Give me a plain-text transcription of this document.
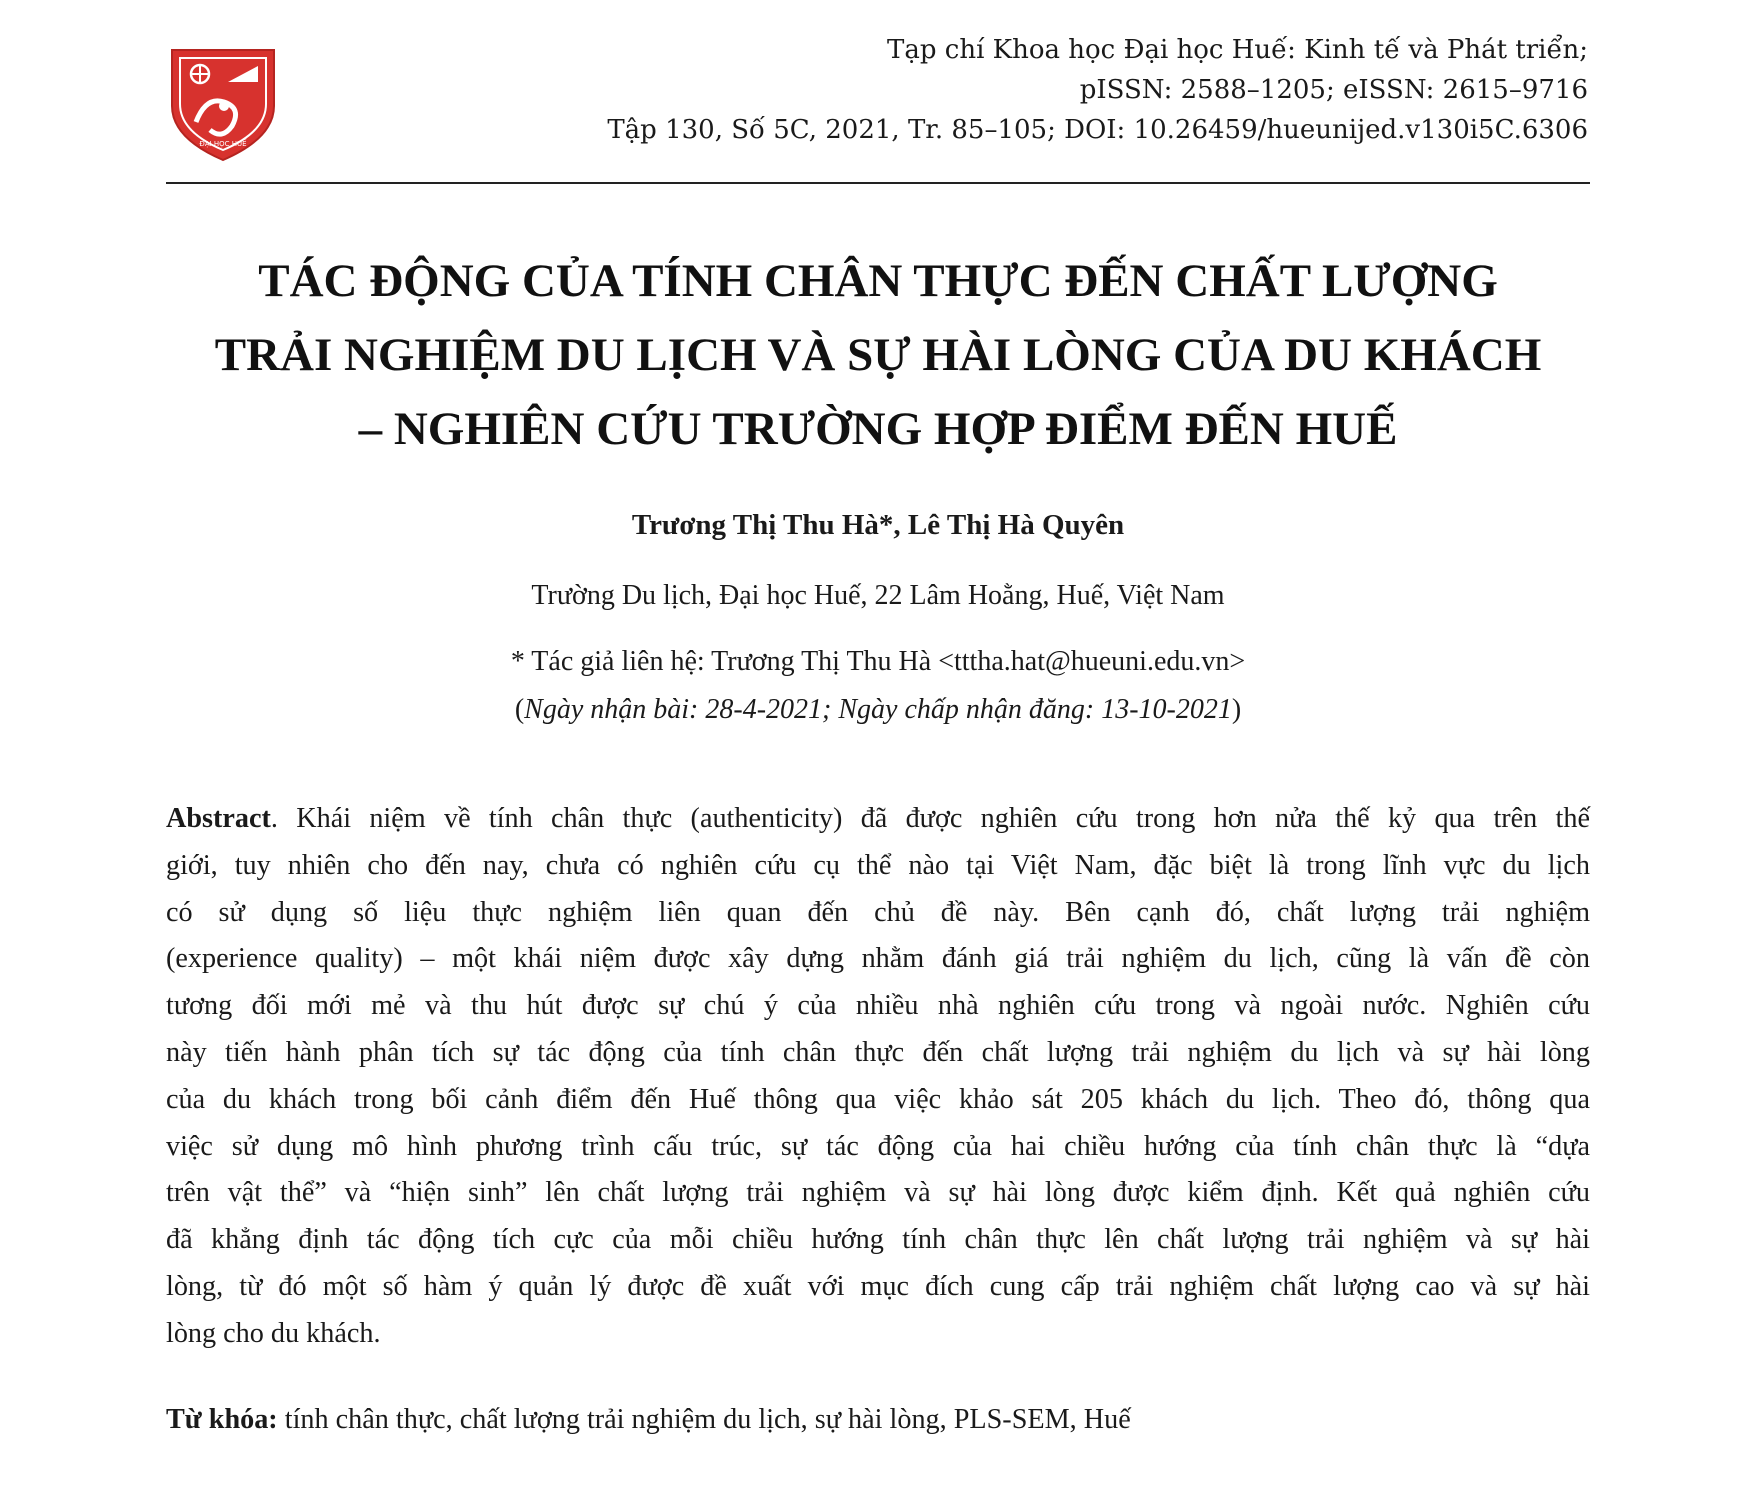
ĐẠI HỌC HUẾ
Tạp chí Khoa học Đại học Huế: Kinh tế và Phát triển;
pISSN: 2588–1205; eISSN: 2615–9716
Tập 130, Số 5C, 2021, Tr. 85–105; DOI: 10.26459/hueunijed.v130i5C.6306
TÁC ĐỘNG CỦA TÍNH CHÂN THỰC ĐẾN CHẤT LƯỢNG
TRẢI NGHIỆM DU LỊCH VÀ SỰ HÀI LÒNG CỦA DU KHÁCH
– NGHIÊN CỨU TRƯỜNG HỢP ĐIỂM ĐẾN HUẾ
Trương Thị Thu Hà*, Lê Thị Hà Quyên
Trường Du lịch, Đại học Huế, 22 Lâm Hoằng, Huế, Việt Nam
* Tác giả liên hệ: Trương Thị Thu Hà <tttha.hat@hueuni.edu.vn>
(Ngày nhận bài: 28-4-2021; Ngày chấp nhận đăng: 13-10-2021)
Abstract. Khái niệm về tính chân thực (authenticity) đã được nghiên cứu trong hơn nửa thế kỷ qua trên thế
giới, tuy nhiên cho đến nay, chưa có nghiên cứu cụ thể nào tại Việt Nam, đặc biệt là trong lĩnh vực du lịch
có sử dụng số liệu thực nghiệm liên quan đến chủ đề này. Bên cạnh đó, chất lượng trải nghiệm
(experience quality) – một khái niệm được xây dựng nhằm đánh giá trải nghiệm du lịch, cũng là vấn đề còn
tương đối mới mẻ và thu hút được sự chú ý của nhiều nhà nghiên cứu trong và ngoài nước. Nghiên cứu
này tiến hành phân tích sự tác động của tính chân thực đến chất lượng trải nghiệm du lịch và sự hài lòng
của du khách trong bối cảnh điểm đến Huế thông qua việc khảo sát 205 khách du lịch. Theo đó, thông qua
việc sử dụng mô hình phương trình cấu trúc, sự tác động của hai chiều hướng của tính chân thực là “dựa
trên vật thể” và “hiện sinh” lên chất lượng trải nghiệm và sự hài lòng được kiểm định. Kết quả nghiên cứu
đã khẳng định tác động tích cực của mỗi chiều hướng tính chân thực lên chất lượng trải nghiệm và sự hài
lòng, từ đó một số hàm ý quản lý được đề xuất với mục đích cung cấp trải nghiệm chất lượng cao và sự hài
lòng cho du khách.
Từ khóa: tính chân thực, chất lượng trải nghiệm du lịch, sự hài lòng, PLS-SEM, Huế
